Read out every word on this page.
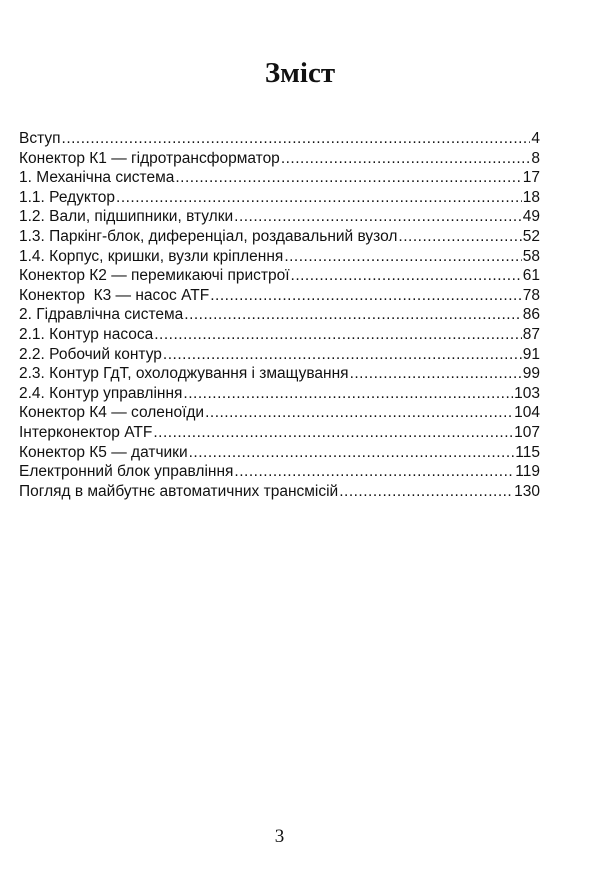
Зміст
Вступ .....	4
Конектор К1 — гідротрансформатор .....	8
1. Механічна система .....	17
1.1. Редуктор .....	18
1.2. Вали, підшипники, втулки .....	49
1.3. Паркінг-блок, диференціал, роздавальний вузол .....	52
1.4. Корпус, кришки, вузли кріплення .....	58
Конектор К2 — перемикаючі пристрої .....	61
Конектор  К3 — насос ATF .....	78
2. Гідравлічна система .....	86
2.1. Контур насоса .....	87
2.2. Робочий контур .....	91
2.3. Контур ГдТ, охолоджування і змащування .....	99
2.4. Контур управління .....	103
Конектор К4 — соленоїди .....	104
Інтерконектор ATF .....	107
Конектор К5 — датчики .....	115
Електронний блок управління .....	119
Погляд в майбутнє автоматичних трансмісій .....	130
3
